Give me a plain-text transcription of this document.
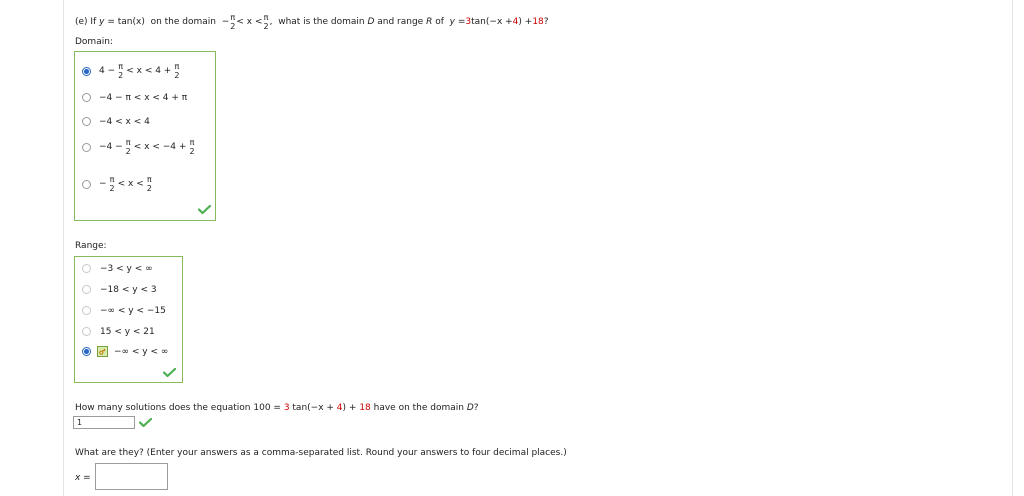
(e) If
y
= tan(x)
on the domain
− π
2 < x < π
2 ,
what is the domain
D
and range
R
of
y
= 3 tan(−x + 4 ) + 18 ?
Domain:
4 − π
2 < x < 4 + π
2
−4 − π < x < 4 + π
−4 < x < 4
−4 − π
2 < x < −4 + π
2
− π
2 < x < π
2
Range:
−3 < y < ∞
−18 < y < 3
−∞ < y < −15
15 < y < 21
−∞ < y < ∞
How many solutions does the equation 100 = 3 tan(−x + 4) + 18 have on the domain D?
1
What are they? (Enter your answers as a comma-separated list. Round your answers to four decimal places.)
x =
